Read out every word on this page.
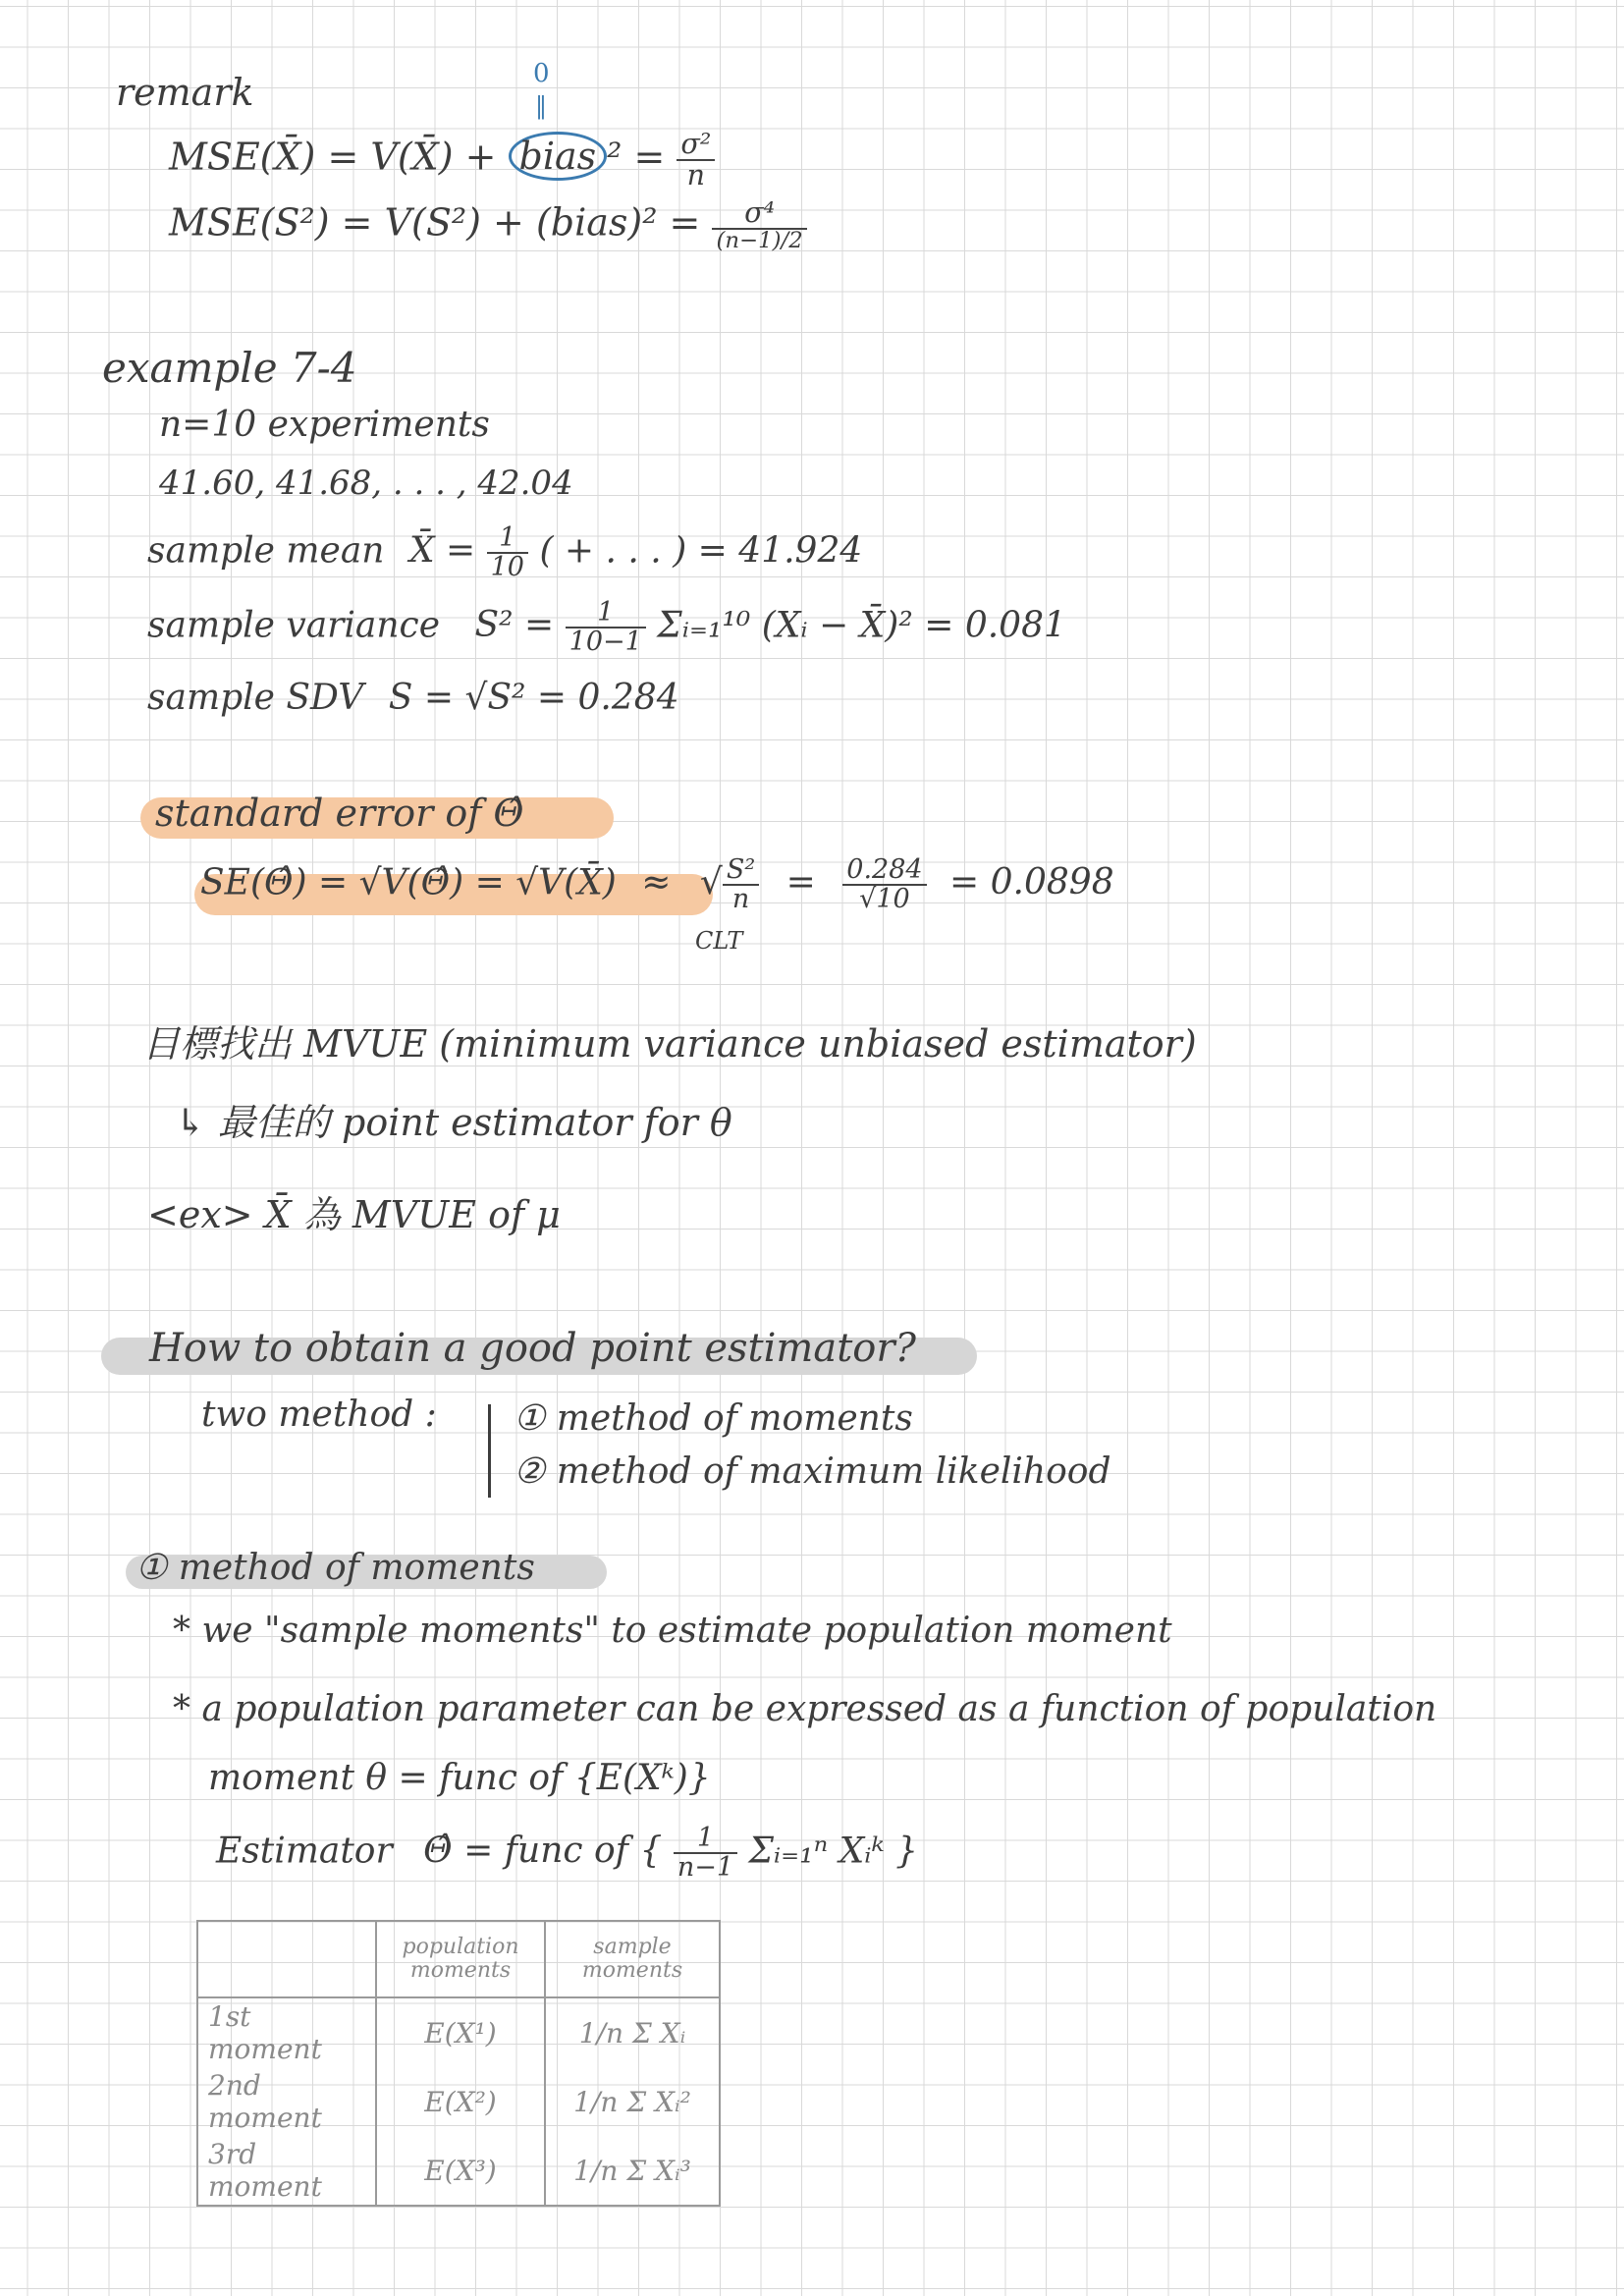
remark	0
‖
MSE(X̄) = V(X̄) + bias $^2 = \frac{\text{σ²}}{n}$
MSE(S²) = V(S²) + (bias)² = $\frac{\text{σ⁴}}{(n-1)/2}$
example 7-4
n=10 experiments
41.60, 41.68, . . . , 42.04
sample mean X̄ = $\frac{1}{10}$ ( + . . . ) = 41.924
sample variance $S^2 = \frac{1}{10-1}$ Σᵢ₌₁¹⁰ (Xᵢ − X̄)² = 0.081
sample SDV S = √S² = 0.284
standard error of Θ̂
SE(Θ̂) = √V(Θ̂) = √V(X̄) ≈ √ $\frac{\text{S²}}{n} = \frac{0.284}{√10} = 0.0898$
CLT
目標找出 MVUE (minimum variance unbiased estimator)
↳ 最佳的 point estimator for θ
<ex> X̄ 為 MVUE of μ
How to obtain a good point estimator?
two method : ① method of moments
② method of maximum likelihood
① method of moments
* we "sample moments" to estimate population moment
* a population parameter can be expressed as a function of population
moment θ = func of {E(Xᵏ)}
Estimator Θ̂ = func of { $\frac{1}{n-1}$ Σᵢ₌₁ⁿ Xᵢᵏ }
	population moments	sample moments
1st moment	E(X¹)	1/n Σ Xᵢ
2nd moment	E(X²)	1/n Σ Xᵢ²
3rd moment	E(X³)	1/n Σ Xᵢ³
